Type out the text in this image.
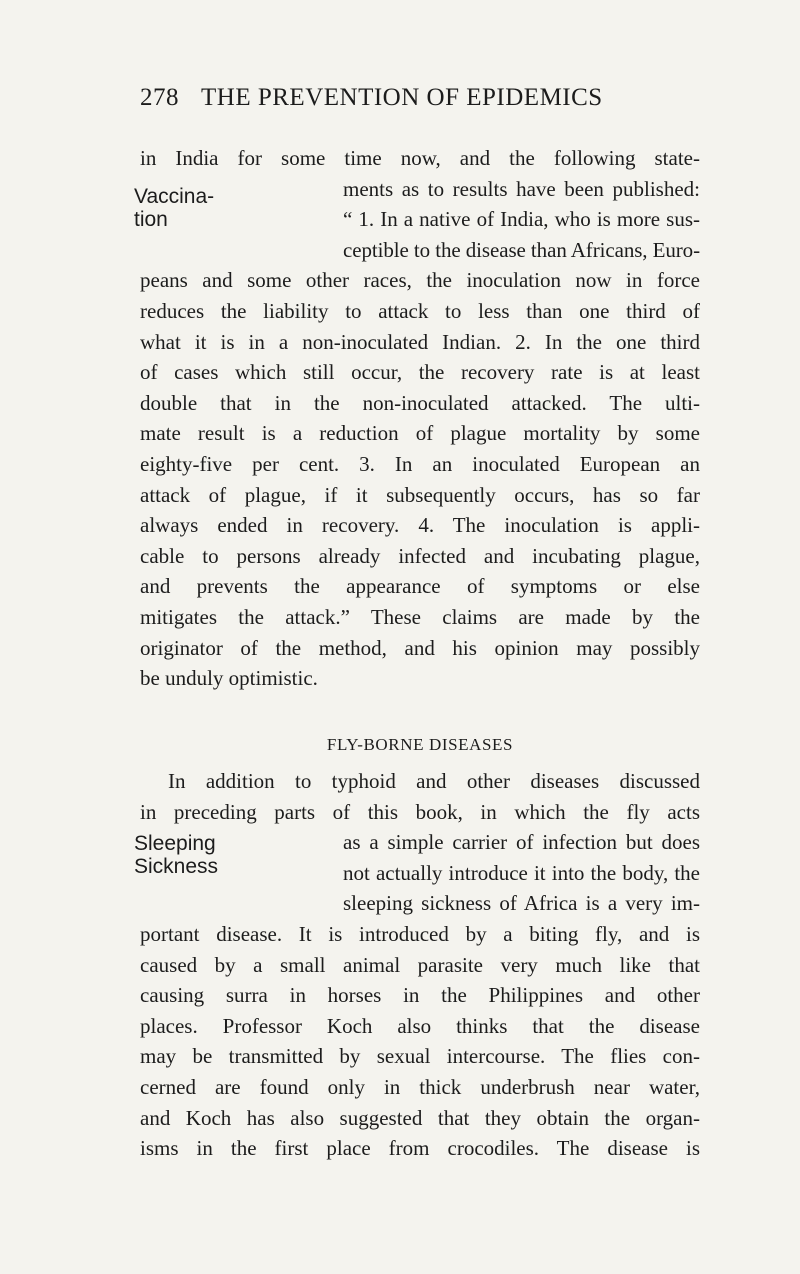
278 THE PREVENTION OF EPIDEMICS
Vaccina-
tion
in India for some time now, and the following state-
ments as to results have been published:
“ 1. In a native of India, who is more sus-
ceptible to the disease than Africans, Euro-
peans and some other races, the inoculation now in force
reduces the liability to attack to less than one third of
what it is in a non-inoculated Indian. 2. In the one third
of cases which still occur, the recovery rate is at least
double that in the non-inoculated attacked. The ulti-
mate result is a reduction of plague mortality by some
eighty-five per cent. 3. In an inoculated European an
attack of plague, if it subsequently occurs, has so far
always ended in recovery. 4. The inoculation is appli-
cable to persons already infected and incubating plague,
and prevents the appearance of symptoms or else
mitigates the attack.” These claims are made by the
originator of the method, and his opinion may possibly
be unduly optimistic.
FLY-BORNE DISEASES
Sleeping
Sickness
In addition to typhoid and other diseases discussed
in preceding parts of this book, in which the fly acts
as a simple carrier of infection but does
not actually introduce it into the body, the
sleeping sickness of Africa is a very im-
portant disease. It is introduced by a biting fly, and is
caused by a small animal parasite very much like that
causing surra in horses in the Philippines and other
places. Professor Koch also thinks that the disease
may be transmitted by sexual intercourse. The flies con-
cerned are found only in thick underbrush near water,
and Koch has also suggested that they obtain the organ-
isms in the first place from crocodiles. The disease is
